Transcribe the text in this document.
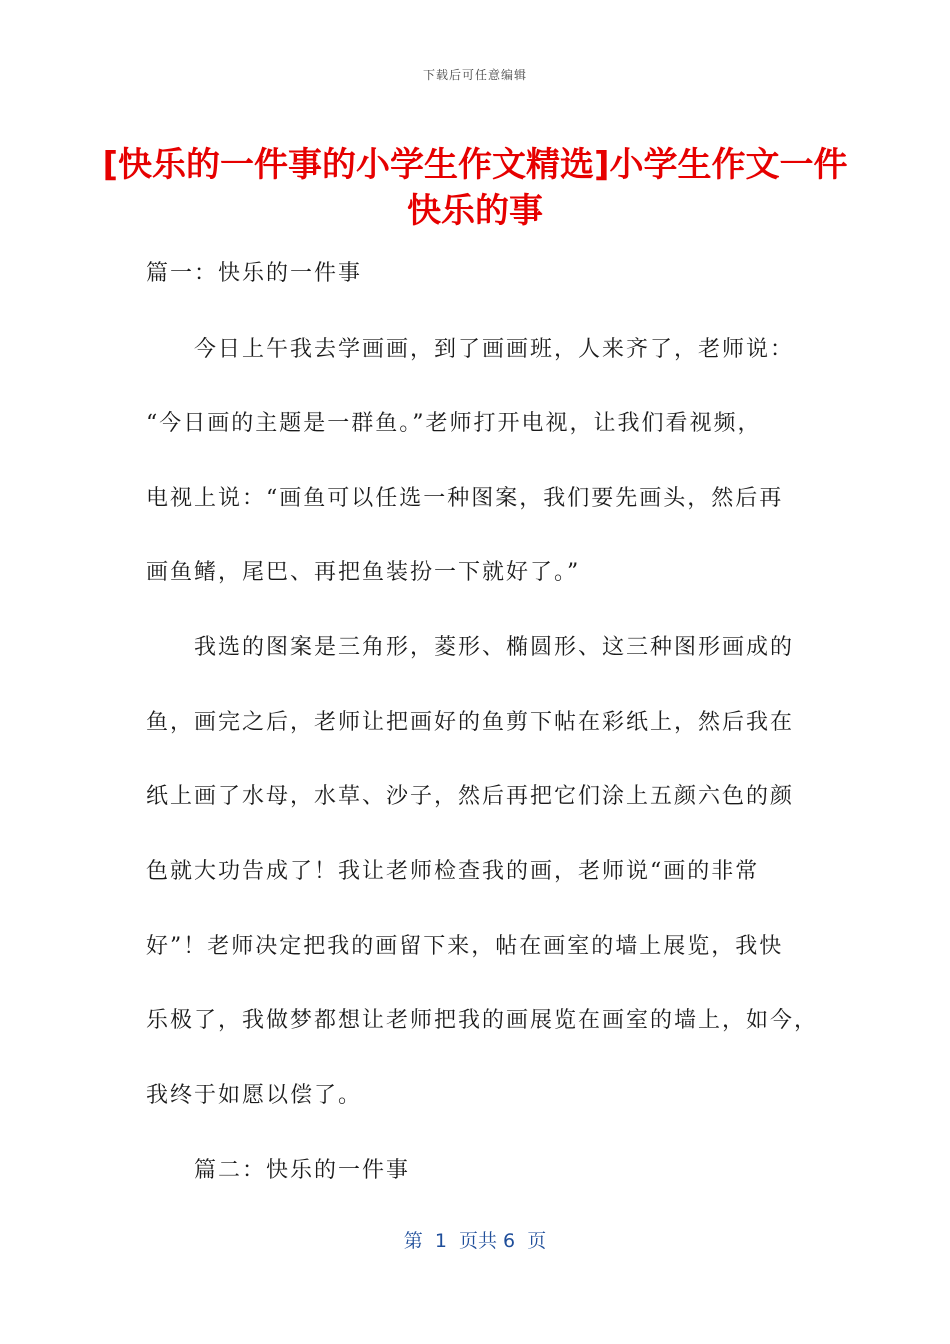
下载后可任意编辑
[快乐的一件事的小学生作文精选]小学生作文一件快乐的事
篇一：快乐的一件事
今日上午我去学画画，到了画画班，人来齐了，老师说：
“今日画的主题是一群鱼。”老师打开电视，让我们看视频，
电视上说：“画鱼可以任选一种图案，我们要先画头，然后再
画鱼鳍，尾巴、再把鱼装扮一下就好了。”
我选的图案是三角形，菱形、椭圆形、这三种图形画成的
鱼，画完之后，老师让把画好的鱼剪下帖在彩纸上，然后我在
纸上画了水母，水草、沙子，然后再把它们涂上五颜六色的颜
色就大功告成了！我让老师检查我的画，老师说“画的非常
好”！老师决定把我的画留下来，帖在画室的墙上展览，我快
乐极了，我做梦都想让老师把我的画展览在画室的墙上，如今，
我终于如愿以偿了。
篇二：快乐的一件事
第  1  页共 6  页
